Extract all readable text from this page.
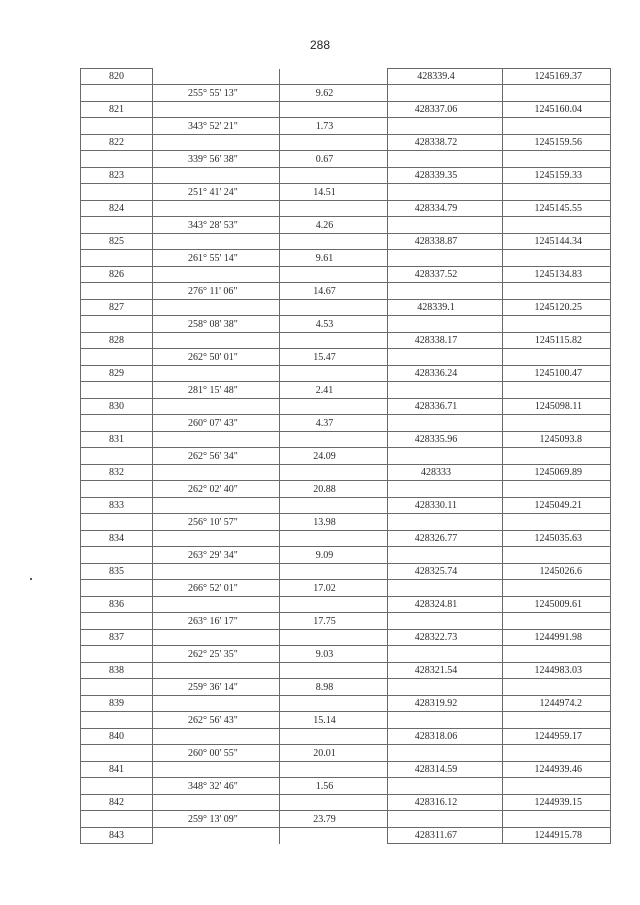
288
820			428339.4	1245169.37
	255° 55' 13"	9.62		
821			428337.06	1245160.04
	343° 52' 21"	1.73		
822			428338.72	1245159.56
	339° 56' 38"	0.67		
823			428339.35	1245159.33
	251° 41' 24"	14.51		
824			428334.79	1245145.55
	343° 28' 53"	4.26		
825			428338.87	1245144.34
	261° 55' 14"	9.61		
826			428337.52	1245134.83
	276° 11' 06"	14.67		
827			428339.1	1245120.25
	258° 08' 38"	4.53		
828			428338.17	1245115.82
	262° 50' 01"	15.47		
829			428336.24	1245100.47
	281° 15' 48"	2.41		
830			428336.71	1245098.11
	260° 07' 43"	4.37		
831			428335.96	1245093.8
	262° 56' 34"	24.09		
832			428333	1245069.89
	262° 02' 40"	20.88		
833			428330.11	1245049.21
	256° 10' 57"	13.98		
834			428326.77	1245035.63
	263° 29' 34"	9.09		
835			428325.74	1245026.6
	266° 52' 01"	17.02		
836			428324.81	1245009.61
	263° 16' 17"	17.75		
837			428322.73	1244991.98
	262° 25' 35"	9.03		
838			428321.54	1244983.03
	259° 36' 14"	8.98		
839			428319.92	1244974.2
	262° 56' 43"	15.14		
840			428318.06	1244959.17
	260° 00' 55"	20.01		
841			428314.59	1244939.46
	348° 32' 46"	1.56		
842			428316.12	1244939.15
	259° 13' 09"	23.79		
843			428311.67	1244915.78
